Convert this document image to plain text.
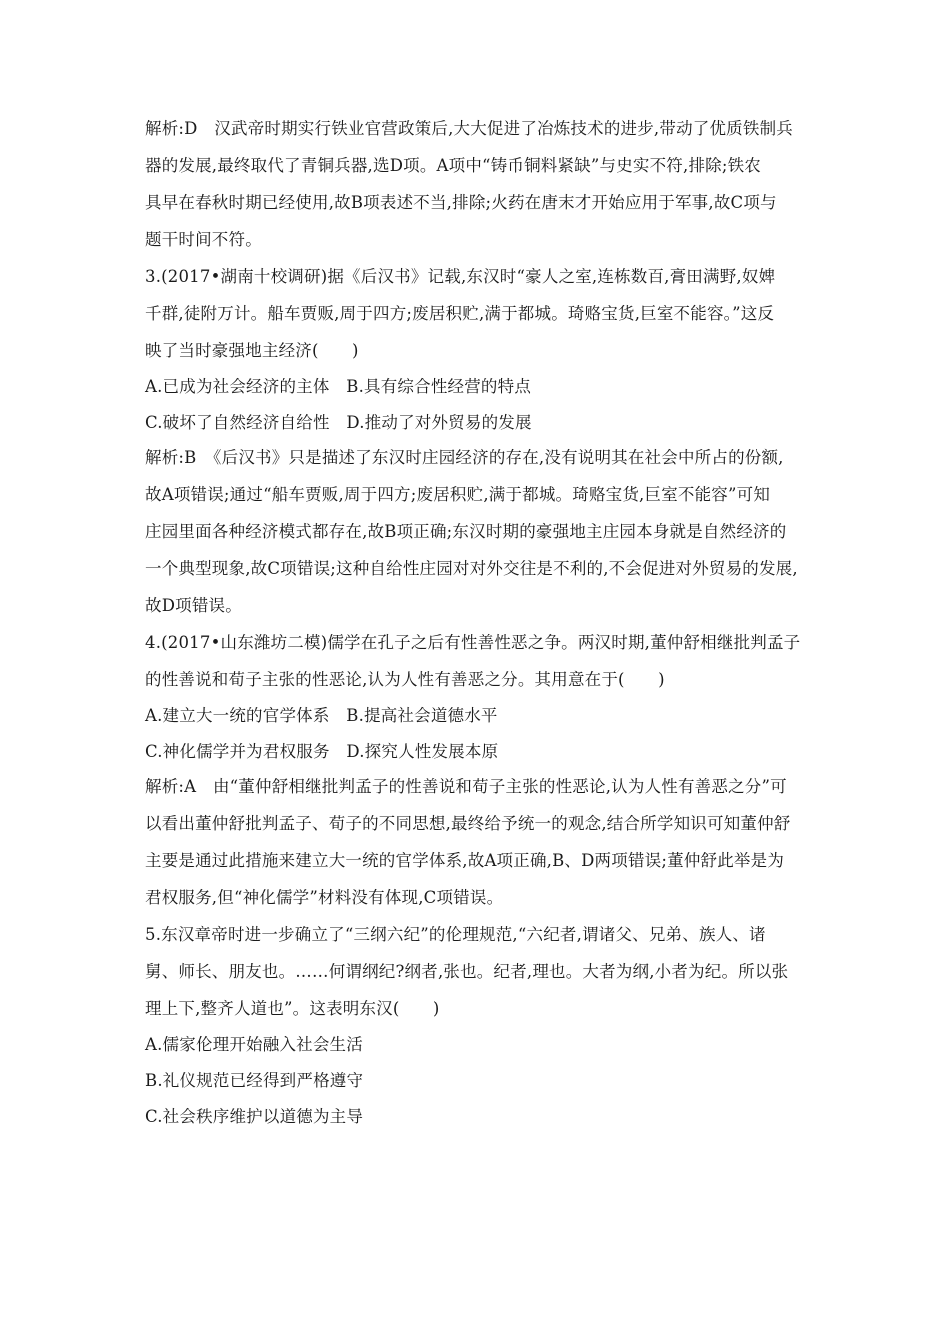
解析:D　汉武帝时期实行铁业官营政策后,大大促进了冶炼技术的进步,带动了优质铁制兵
器的发展,最终取代了青铜兵器,选D项。A项中“铸币铜料紧缺”与史实不符,排除;铁农
具早在春秋时期已经使用,故B项表述不当,排除;火药在唐末才开始应用于军事,故C项与
题干时间不符。
3.(2017•湖南十校调研)据《后汉书》记载,东汉时“豪人之室,连栋数百,膏田满野,奴婢
千群,徒附万计。船车贾贩,周于四方;废居积贮,满于都城。琦赂宝货,巨室不能容。”这反
映了当时豪强地主经济(　　)
A.已成为社会经济的主体　B.具有综合性经营的特点
C.破坏了自然经济自给性　D.推动了对外贸易的发展
解析:B　《后汉书》只是描述了东汉时庄园经济的存在,没有说明其在社会中所占的份额,
故A项错误;通过“船车贾贩,周于四方;废居积贮,满于都城。琦赂宝货,巨室不能容”可知
庄园里面各种经济模式都存在,故B项正确;东汉时期的豪强地主庄园本身就是自然经济的
一个典型现象,故C项错误;这种自给性庄园对对外交往是不利的,不会促进对外贸易的发展,
故D项错误。
4.(2017•山东潍坊二模)儒学在孔子之后有性善性恶之争。两汉时期,董仲舒相继批判孟子
的性善说和荀子主张的性恶论,认为人性有善恶之分。其用意在于(　　)
A.建立大一统的官学体系　B.提高社会道德水平
C.神化儒学并为君权服务　D.探究人性发展本原
解析:A　由“董仲舒相继批判孟子的性善说和荀子主张的性恶论,认为人性有善恶之分”可
以看出董仲舒批判孟子、荀子的不同思想,最终给予统一的观念,结合所学知识可知董仲舒
主要是通过此措施来建立大一统的官学体系,故A项正确,B、D两项错误;董仲舒此举是为
君权服务,但“神化儒学”材料没有体现,C项错误。
5.东汉章帝时进一步确立了“三纲六纪”的伦理规范,“六纪者,谓诸父、兄弟、族人、诸
舅、师长、朋友也。……何谓纲纪?纲者,张也。纪者,理也。大者为纲,小者为纪。所以张
理上下,整齐人道也”。这表明东汉(　　)
A.儒家伦理开始融入社会生活
B.礼仪规范已经得到严格遵守
C.社会秩序维护以道德为主导
